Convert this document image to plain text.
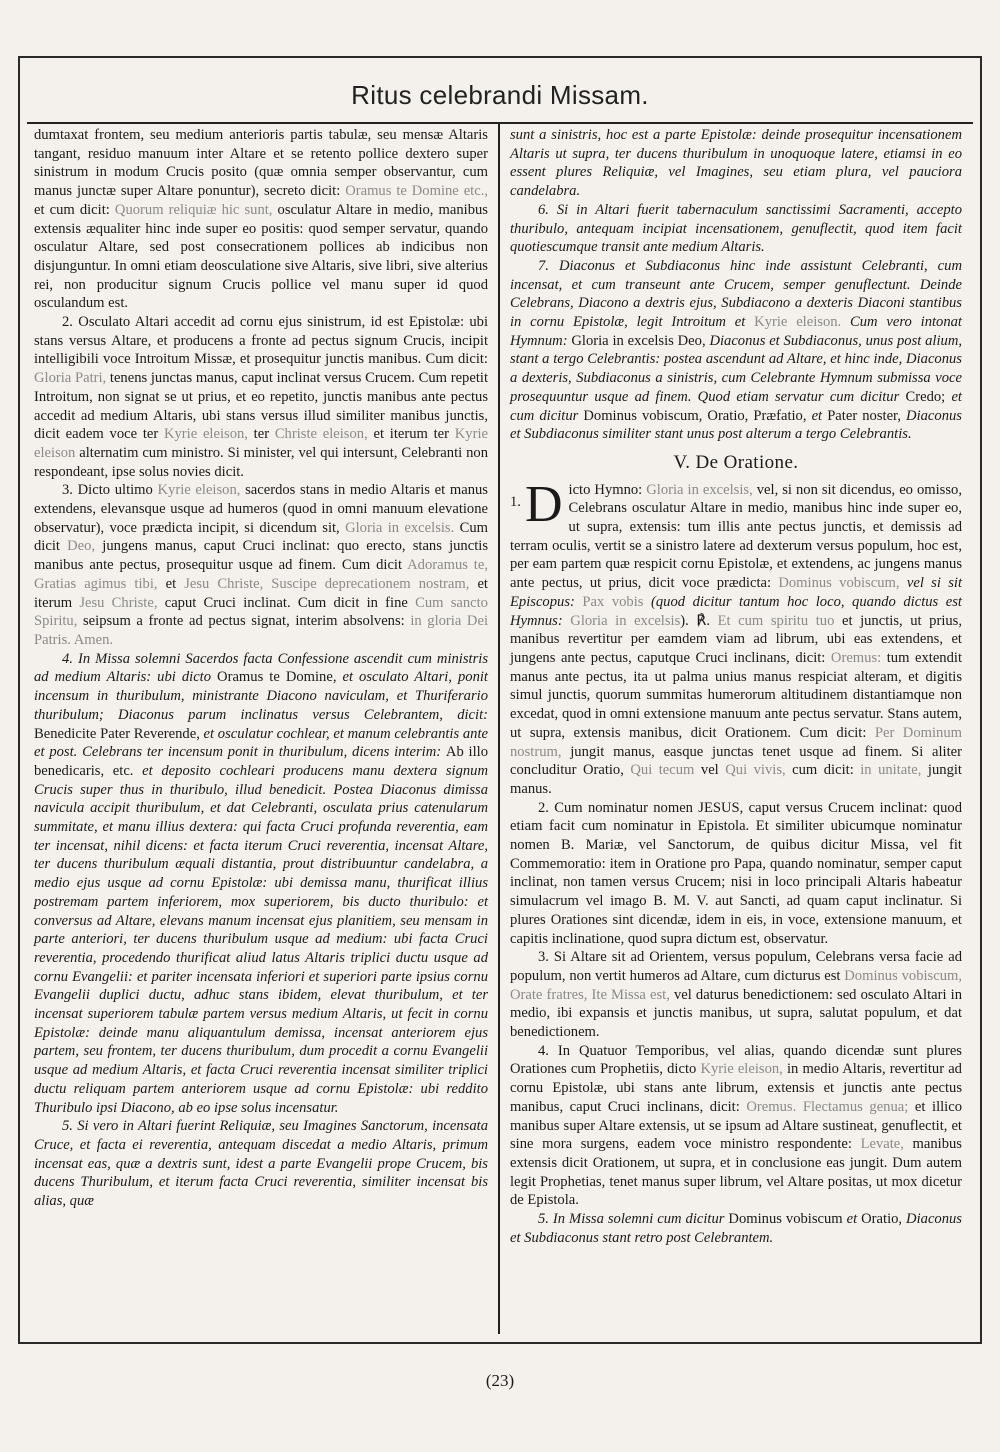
Ritus celebrandi Missam.

dumtaxat frontem, seu medium anterioris partis tabulæ, seu mensæ Altaris tangant, residuo manuum inter Altare et se retento pollice dextero super sinistrum in modum Crucis posito (quæ omnia semper observantur, cum manus junctæ super Altare ponuntur), secreto dicit: Oramus te Domine etc., et cum dicit: Quorum reliquiæ hic sunt, osculatur Altare in medio, manibus extensis æqualiter hinc inde super eo positis: quod semper servatur, quando osculatur Altare, sed post consecrationem pollices ab indicibus non disjunguntur. In omni etiam deosculatione sive Altaris, sive libri, sive alterius rei, non producitur signum Crucis pollice vel manu super id quod osculandum est.

2. Osculato Altari accedit ad cornu ejus sinistrum, id est Epistolæ: ubi stans versus Altare, et producens a fronte ad pectus signum Crucis, incipit intelligibili voce Introitum Missæ, et prosequitur junctis manibus. Cum dicit: Gloria Patri, tenens junctas manus, caput inclinat versus Crucem. Cum repetit Introitum, non signat se ut prius, et eo repetito, junctis manibus ante pectus accedit ad medium Altaris, ubi stans versus illud similiter manibus junctis, dicit eadem voce ter Kyrie eleison, ter Christe eleison, et iterum ter Kyrie eleison alternatim cum ministro. Si minister, vel qui intersunt, Celebranti non respondeant, ipse solus novies dicit.

3. Dicto ultimo Kyrie eleison, sacerdos stans in medio Altaris et manus extendens, elevansque usque ad humeros (quod in omni manuum elevatione observatur), voce prædicta incipit, si dicendum sit, Gloria in excelsis. Cum dicit Deo, jungens manus, caput Cruci inclinat: quo erecto, stans junctis manibus ante pectus, prosequitur usque ad finem. Cum dicit Adoramus te, Gratias agimus tibi, et Jesu Christe, Suscipe deprecationem nostram, et iterum Jesu Christe, caput Cruci inclinat. Cum dicit in fine Cum sancto Spiritu, seipsum a fronte ad pectus signat, interim absolvens: in gloria Dei Patris. Amen.

4. In Missa solemni Sacerdos facta Confessione ascendit cum ministris ad medium Altaris: ubi dicto Oramus te Domine, et osculato Altari, ponit incensum in thuribulum, ministrante Diacono naviculam, et Thuriferario thuribulum; Diaconus parum inclinatus versus Celebrantem, dicit: Benedicite Pater Reverende, et osculatur cochlear, et manum celebrantis ante et post. Celebrans ter incensum ponit in thuribulum, dicens interim: Ab illo benedicaris, etc. et deposito cochleari producens manu dextera signum Crucis super thus in thuribulo, illud benedicit. Postea Diaconus dimissa navicula accipit thuribulum, et dat Celebranti, osculata prius catenularum summitate, et manu illius dextera: qui facta Cruci profunda reverentia, eam ter incensat, nihil dicens: et facta iterum Cruci reverentia, incensat Altare, ter ducens thuribulum æquali distantia, prout distribuuntur candelabra, a medio ejus usque ad cornu Epistolæ: ubi demissa manu, thurificat illius postremam partem inferiorem, mox superiorem, bis ducto thuribulo: et conversus ad Altare, elevans manum incensat ejus planitiem, seu mensam in parte anteriori, ter ducens thuribulum usque ad medium: ubi facta Cruci reverentia, procedendo thurificat aliud latus Altaris triplici ductu usque ad cornu Evangelii: et pariter incensata inferiori et superiori parte ipsius cornu Evangelii duplici ductu, adhuc stans ibidem, elevat thuribulum, et ter incensat superiorem tabulæ partem versus medium Altaris, ut fecit in cornu Epistolæ: deinde manu aliquantulum demissa, incensat anteriorem ejus partem, seu frontem, ter ducens thuribulum, dum procedit a cornu Evangelii usque ad medium Altaris, et facta Cruci reverentia incensat similiter triplici ductu reliquam partem anteriorem usque ad cornu Epistolæ: ubi reddito Thuribulo ipsi Diacono, ab eo ipse solus incensatur.

5. Si vero in Altari fuerint Reliquiæ, seu Imagines Sanctorum, incensata Cruce, et facta ei reverentia, antequam discedat a medio Altaris, primum incensat eas, quæ a dextris sunt, idest a parte Evangelii prope Crucem, bis ducens Thuribulum, et iterum facta Cruci reverentia, similiter incensat bis alias, quæ

sunt a sinistris, hoc est a parte Epistolæ: deinde prosequitur incensationem Altaris ut supra, ter ducens thuribulum in unoquoque latere, etiamsi in eo essent plures Reliquiæ, vel Imagines, seu etiam plura, vel pauciora candelabra.

6. Si in Altari fuerit tabernaculum sanctissimi Sacramenti, accepto thuribulo, antequam incipiat incensationem, genuflectit, quod item facit quotiescumque transit ante medium Altaris.

7. Diaconus et Subdiaconus hinc inde assistunt Celebranti, cum incensat, et cum transeunt ante Crucem, semper genuflectunt. Deinde Celebrans, Diacono a dextris ejus, Subdiacono a dexteris Diaconi stantibus in cornu Epistolæ, legit Introitum et Kyrie eleison. Cum vero intonat Hymnum: Gloria in excelsis Deo, Diaconus et Subdiaconus, unus post alium, stant a tergo Celebrantis: postea ascendunt ad Altare, et hinc inde, Diaconus a dexteris, Subdiaconus a sinistris, cum Celebrante Hymnum submissa voce prosequuntur usque ad finem. Quod etiam servatur cum dicitur Credo; et cum dicitur Dominus vobiscum, Oratio, Præfatio, et Pater noster, Diaconus et Subdiaconus similiter stant unus post alterum a tergo Celebrantis.

V. De Oratione.

1. D icto Hymno: Gloria in excelsis, vel, si non sit dicendus, eo omisso, Celebrans osculatur Altare in medio, manibus hinc inde super eo, ut supra, extensis: tum illis ante pectus junctis, et demissis ad terram oculis, vertit se a sinistro latere ad dexterum versus populum, hoc est, per eam partem quæ respicit cornu Epistolæ, et extendens, ac jungens manus ante pectus, ut prius, dicit voce prædicta: Dominus vobiscum, vel si sit Episcopus: Pax vobis (quod dicitur tantum hoc loco, quando dictus est Hymnus: Gloria in excelsis). ℟. Et cum spiritu tuo et junctis, ut prius, manibus revertitur per eamdem viam ad librum, ubi eas extendens, et jungens ante pectus, caputque Cruci inclinans, dicit: Oremus: tum extendit manus ante pectus, ita ut palma unius manus respiciat alteram, et digitis simul junctis, quorum summitas humerorum altitudinem distantiamque non excedat, quod in omni extensione manuum ante pectus servatur. Stans autem, ut supra, extensis manibus, dicit Orationem. Cum dicit: Per Dominum nostrum, jungit manus, easque junctas tenet usque ad finem. Si aliter concluditur Oratio, Qui tecum vel Qui vivis, cum dicit: in unitate, jungit manus.

2. Cum nominatur nomen JESUS, caput versus Crucem inclinat: quod etiam facit cum nominatur in Epistola. Et similiter ubicumque nominatur nomen B. Mariæ, vel Sanctorum, de quibus dicitur Missa, vel fit Commemoratio: item in Oratione pro Papa, quando nominatur, semper caput inclinat, non tamen versus Crucem; nisi in loco principali Altaris habeatur simulacrum vel imago B. M. V. aut Sancti, ad quam caput inclinatur. Si plures Orationes sint dicendæ, idem in eis, in voce, extensione manuum, et capitis inclinatione, quod supra dictum est, observatur.

3. Si Altare sit ad Orientem, versus populum, Celebrans versa facie ad populum, non vertit humeros ad Altare, cum dicturus est Dominus vobiscum, Orate fratres, Ite Missa est, vel daturus benedictionem: sed osculato Altari in medio, ibi expansis et junctis manibus, ut supra, salutat populum, et dat benedictionem.

4. In Quatuor Temporibus, vel alias, quando dicendæ sunt plures Orationes cum Prophetiis, dicto Kyrie eleison, in medio Altaris, revertitur ad cornu Epistolæ, ubi stans ante librum, extensis et junctis ante pectus manibus, caput Cruci inclinans, dicit: Oremus. Flectamus genua; et illico manibus super Altare extensis, ut se ipsum ad Altare sustineat, genuflectit, et sine mora surgens, eadem voce ministro respondente: Levate, manibus extensis dicit Orationem, ut supra, et in conclusione eas jungit. Dum autem legit Prophetias, tenet manus super librum, vel Altare positas, ut mox dicetur de Epistola.

5. In Missa solemni cum dicitur Dominus vobiscum et Oratio, Diaconus et Subdiaconus stant retro post Celebrantem.

(23)
